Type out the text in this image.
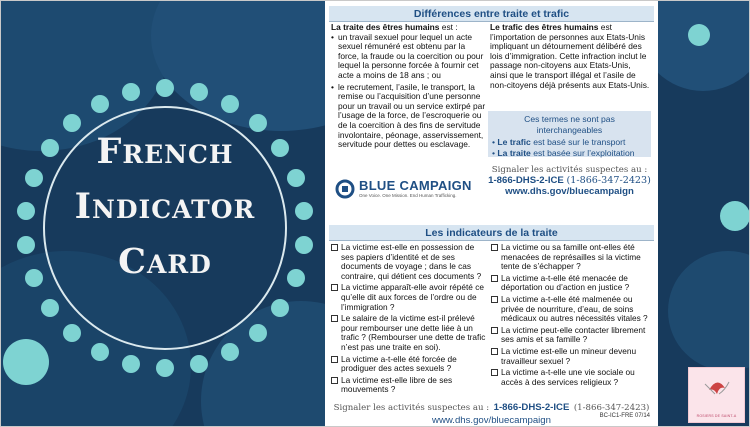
French
Indicator
Card
Différences entre traite et trafic
La traite des êtres humains est :
• un travail sexuel pour lequel un acte sexuel rémunéré est obtenu par la force, la fraude ou la coercition ou pour lequel la personne forcée à fournir cet acte a moins de 18 ans ; ou
• le recrutement, l’asile, le transport, la remise ou l’acquisition d’une personne pour un travail ou un service extirpé par l’usage de la force, de l’escroquerie ou de la coercition à des fins de servitude involontaire, péonage, asservissement, servitude pour dettes ou esclavage.
Le trafic des êtres humains est l’importation de personnes aux Etats-Unis impliquant un détournement délibéré des lois d’immigration. Cette infraction inclut le passage non-citoyens aux Etats-Unis, ainsi que le transport illégal et l’asile de non-citoyens déjà présents aux Etats-Unis.
Ces termes ne sont pas interchangeables
• Le trafic est basé sur le transport
• La traite est basée sur l’exploitation
BLUE CAMPAIGN
One Voice. One Mission. End Human Trafficking.
Signaler les activités suspectes au :
1-866-DHS-2-ICE (1-866-347-2423)
www.dhs.gov/bluecampaign
Les indicateurs de la traite
La victime est-elle en possession de ses papiers d’identité et de ses documents de voyage ; dans le cas contraire, qui détient ces documents ?
La victime apparaît-elle avoir répété ce qu’elle dit aux forces de l’ordre ou de l’immigration ?
Le salaire de la victime est-il prélevé pour rembourser une dette liée à un trafic ? (Rembourser une dette de trafic n’est pas une traite en soi).
La victime a-t-elle été forcée de prodiguer des actes sexuels ?
La victime est-elle libre de ses mouvements ?
La victime ou sa famille ont-elles été menacées de représailles si la victime tente de s’échapper ?
La victime a-t-elle été menacée de déportation ou d’action en justice ?
La victime a-t-elle été malmenée ou privée de nourriture, d’eau, de soins médicaux ou autres nécessités vitales ?
La victime peut-elle contacter librement ses amis et sa famille ?
La victime est-elle un mineur devenu travailleur sexuel ?
La victime a-t-elle une vie sociale ou accès à des services religieux ?
Signaler les activités suspectes au : 1-866-DHS-2-ICE (1-866-347-2423)
www.dhs.gov/bluecampaign	BC-IC1-FRE 07/14	ROSIERS DE SAINT-A
